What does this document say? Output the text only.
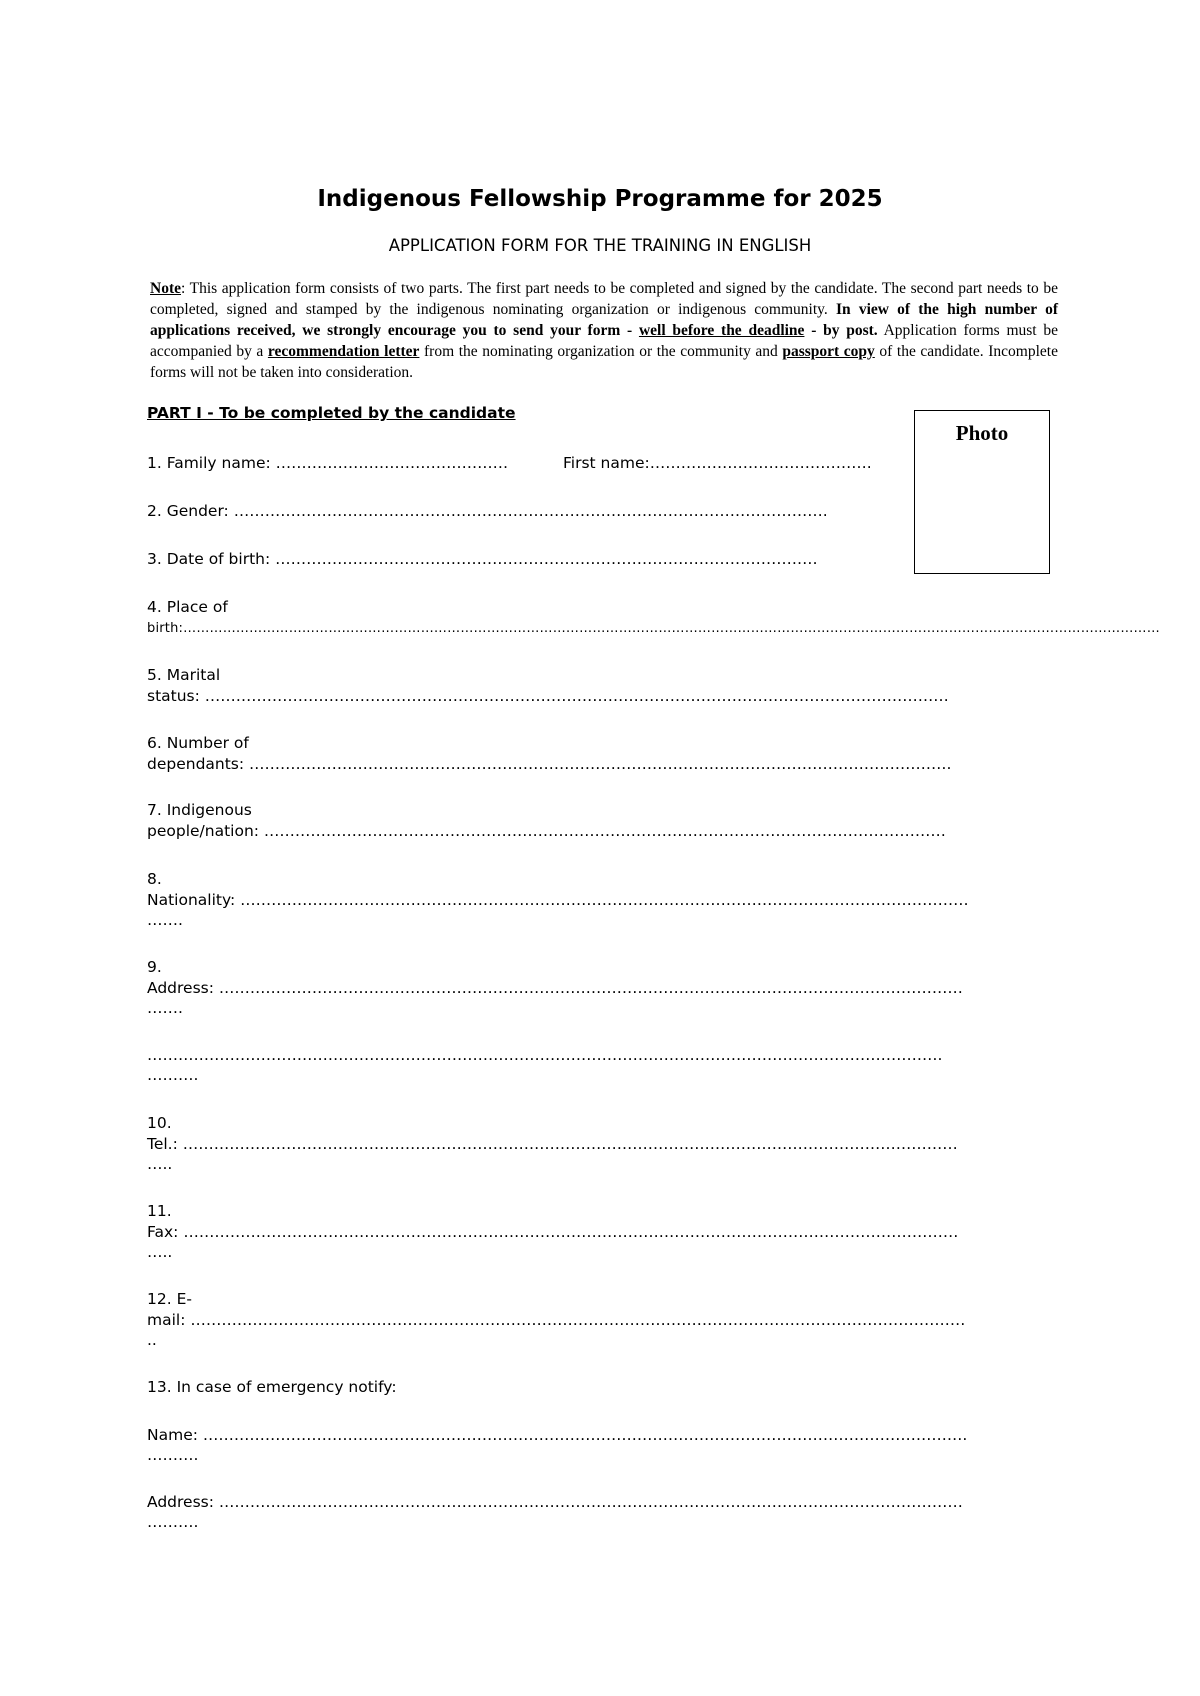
Indigenous Fellowship Programme for 2025
APPLICATION FORM FOR THE TRAINING IN ENGLISH
Note: This application form consists of two parts. The first part needs to be completed and signed by the candidate. The second part needs to be completed, signed and stamped by the indigenous nominating organization or indigenous community. In view of the high number of applications received, we strongly encourage you to send your form - well before the deadline - by post. Application forms must be accompanied by a recommendation letter from the nominating organization or the community and passport copy of the candidate. Incomplete forms will not be taken into consideration.
PART I - To be completed by the candidate
Photo
1. Family name: ………………………………………	First name:…………………………………….
2. Gender: …………………………………………………………………………………………………….
3. Date of birth: ……………………………………………………………………………………………
4. Place of
birth:……………………………………………………………………………………………………………………………………………………………………………………………………
5. Marital
status: ………………………………………………………………………………………………………………………………
6. Number of
dependants: ……………………………………………………………………………………………………………………….
7. Indigenous
people/nation: ……………………………………………………………………………………………………………………
8.
Nationality: ……………………………………………………………………………………………………………………………
…….
9.
Address: ………………………………………………………………………………………………………………………………
…….
……………………………………………………………………………………………………………………………………….
……….
10.
Tel.: ……………………………………………………………………………………………………………………………………
…..
11.
Fax: ……………………………………………………………………………………………………………………………………
…..
12. E-
mail: ……………………………………………………………………………………………………………………………………
..
13. In case of emergency notify:
Name: ………………………………………………………………………………………………………………………………….
……….
Address: ………………………………………………………………………………………………………………………………
……….
